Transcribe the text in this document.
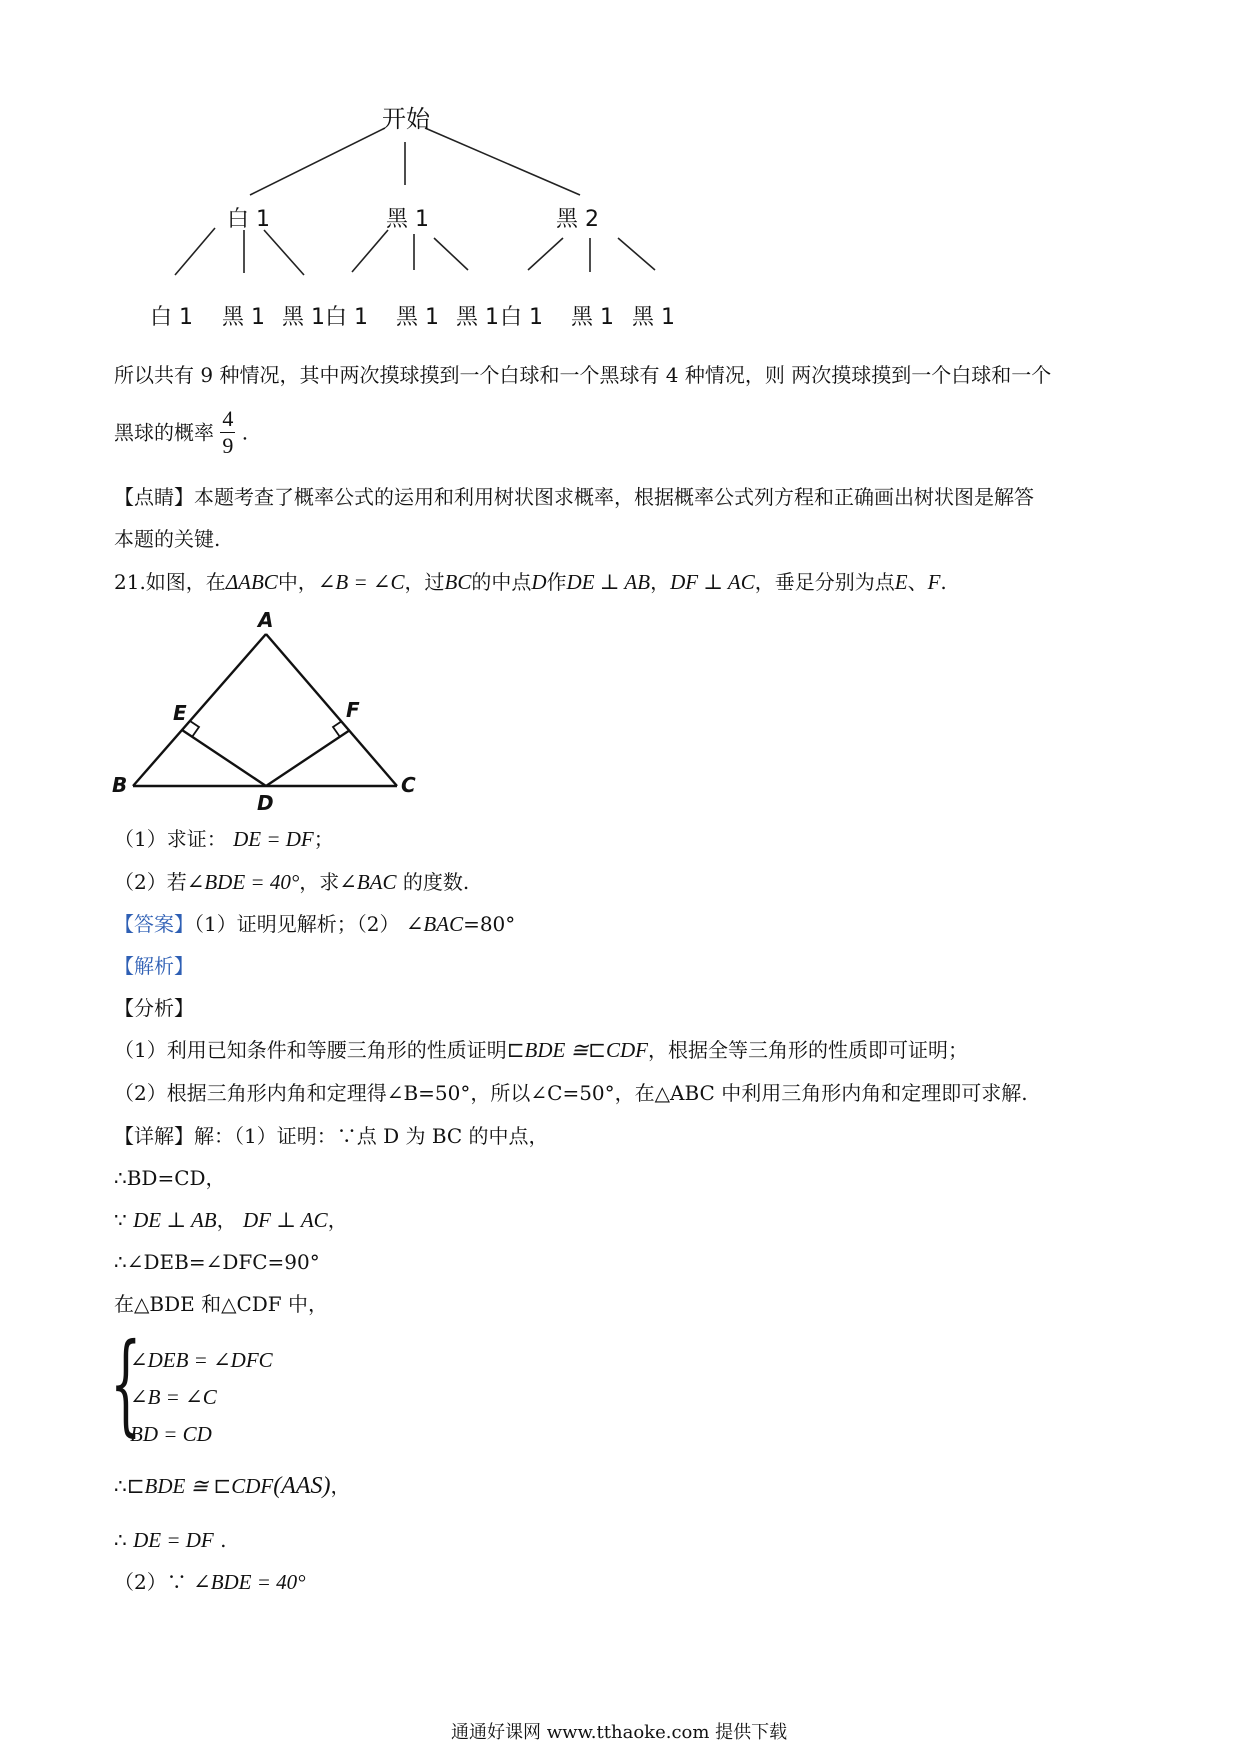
开始
白 1	黑 1	黑 2
白 1 黑 1 黑 1 白 1 黑 1 黑 1 白 1 黑 1 黑 1
所以共有 9 种情况，其中两次摸球摸到一个白球和一个黑球有 4 种情况，则 两次摸球摸到一个白球和一个
黑球的概率 $\frac{4}{9}$ .
【点睛】本题考查了概率公式的运用和利用树状图求概率，根据概率公式列方程和正确画出树状图是解答
本题的关键.
21.如图，在ΔABC中，∠B = ∠C，过BC的中点D作DE ⊥ AB，DF ⊥ AC，垂足分别为点E、F.
A
B	C
D
E	F
（1）求证： DE = DF；
（2）若∠BDE = 40°，求∠BAC 的度数.
【答案】（1）证明见解析；（2） ∠BAC=80°
【解析】
【分析】
（1）利用已知条件和等腰三角形的性质证明⊏BDE ≅⊏CDF，根据全等三角形的性质即可证明；
（2）根据三角形内角和定理得∠B=50°，所以∠C=50°，在△ABC 中利用三角形内角和定理即可求解.
【详解】解：（1）证明：∵点 D 为 BC 的中点，
∴BD=CD，
∵ DE ⊥ AB， DF ⊥ AC，
∴∠DEB=∠DFC=90°
在△BDE 和△CDF 中，
{
∠DEB = ∠DFC
∠B = ∠C
BD = CD
∴⊏BDE ≅ ⊏CDF(AAS)，
∴ DE = DF .
（2）∵ ∠BDE = 40°
通通好课网 www.tthaoke.com 提供下载
